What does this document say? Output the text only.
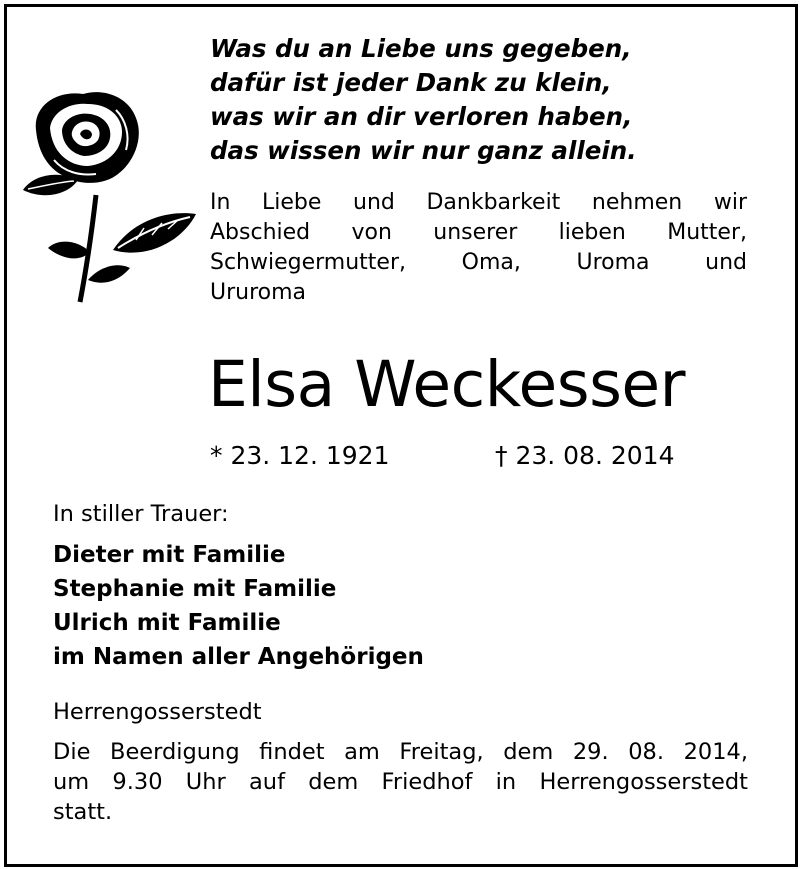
Was du an Liebe uns gegeben,
dafür ist jeder Dank zu klein,
was wir an dir verloren haben,
das wissen wir nur ganz allein.
In Liebe und Dankbarkeit nehmen wir
Abschied von unserer lieben Mutter,
Schwiegermutter, Oma, Uroma und
Ururoma
Elsa Weckesser
* 23. 12. 1921	† 23. 08. 2014
In stiller Trauer:
Dieter mit Familie
Stephanie mit Familie
Ulrich mit Familie
im Namen aller Angehörigen
Herrengosserstedt
Die Beerdigung findet am Freitag, dem 29. 08. 2014,
um 9.30 Uhr auf dem Friedhof in Herrengosserstedt
statt.
